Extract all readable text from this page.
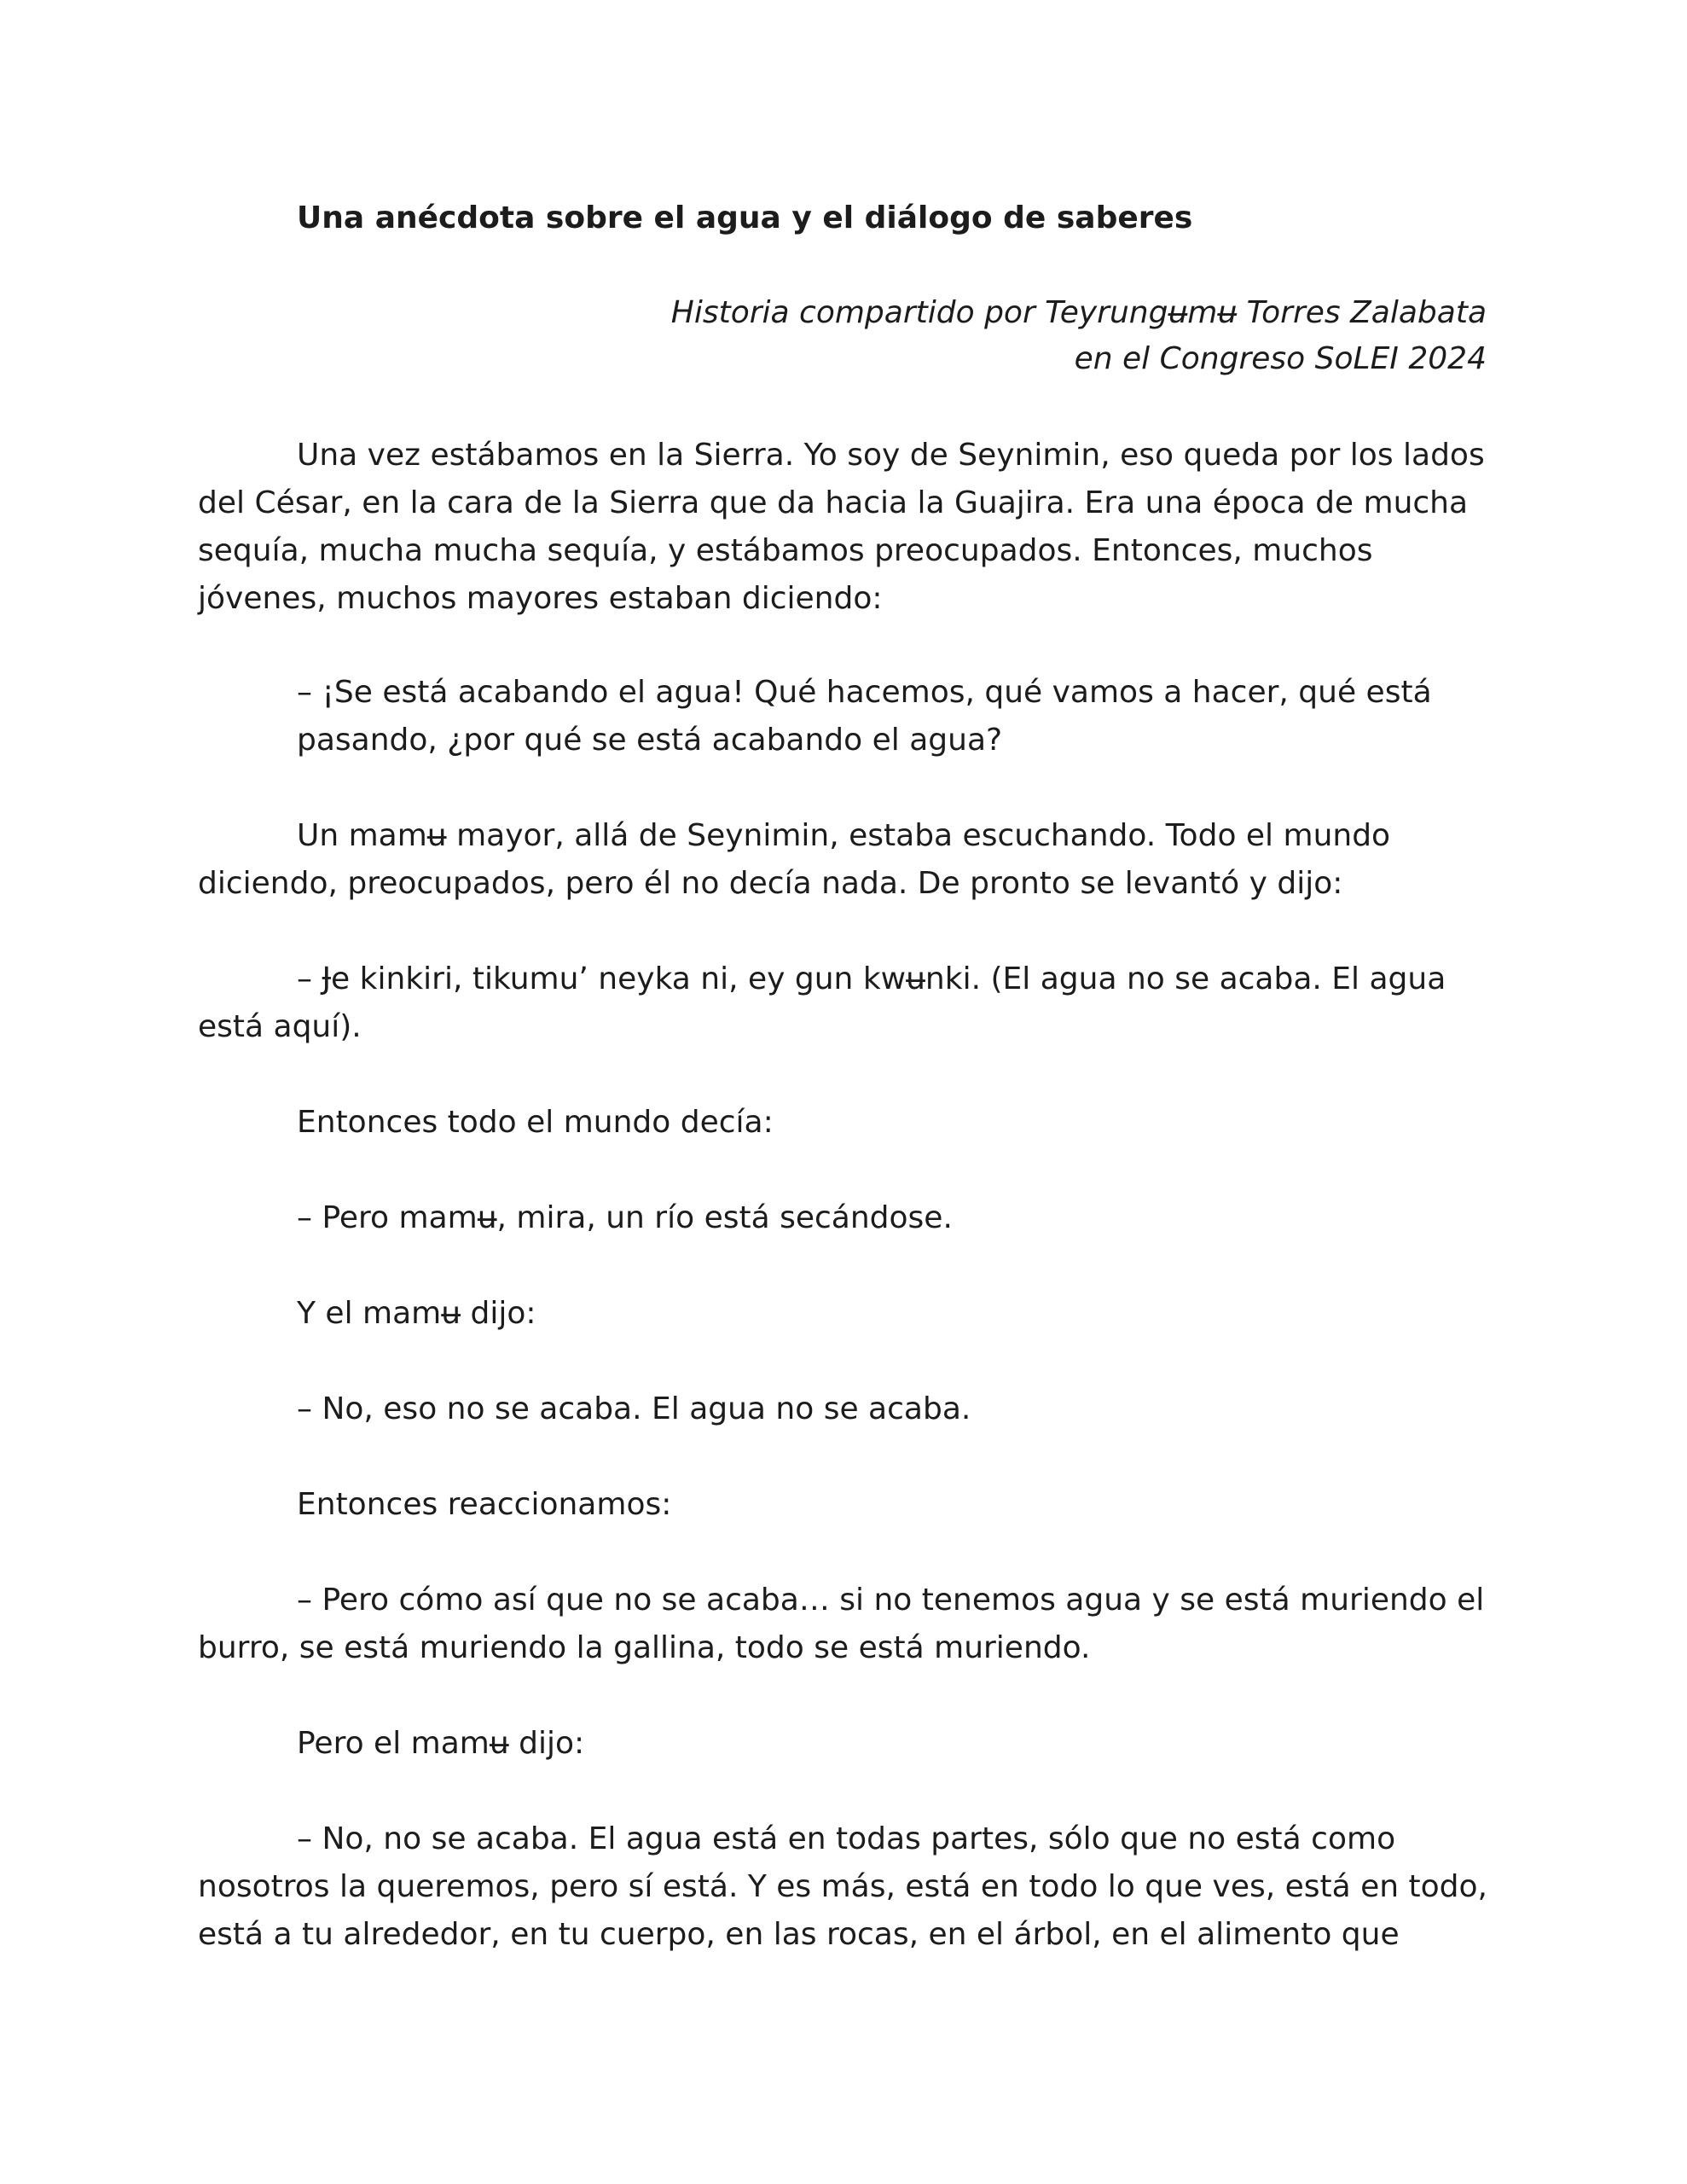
Una anécdota sobre el agua y el diálogo de saberes
Historia compartido por Teyrungʉmʉ Torres Zalabata
en el Congreso SoLEI 2024

Una vez estábamos en la Sierra. Yo soy de Seynimin, eso queda por los lados del César, en la cara de la Sierra que da hacia la Guajira. Era una época de mucha sequía, mucha mucha sequía, y estábamos preocupados. Entonces, muchos jóvenes, muchos mayores estaban diciendo:

– ¡Se está acabando el agua! Qué hacemos, qué vamos a hacer, qué está pasando, ¿por qué se está acabando el agua?

Un mamʉ mayor, allá de Seynimin, estaba escuchando. Todo el mundo diciendo, preocupados, pero él no decía nada. De pronto se levantó y dijo:

– Ɉe kinkiri, tikumu’ neyka ni, ey gun kwʉnki. (El agua no se acaba. El agua está aquí).

Entonces todo el mundo decía:

– Pero mamʉ, mira, un río está secándose.

Y el mamʉ dijo:

– No, eso no se acaba. El agua no se acaba.

Entonces reaccionamos:

– Pero cómo así que no se acaba… si no tenemos agua y se está muriendo el burro, se está muriendo la gallina, todo se está muriendo.

Pero el mamʉ dijo:

– No, no se acaba. El agua está en todas partes, sólo que no está como nosotros la queremos, pero sí está. Y es más, está en todo lo que ves, está en todo, está a tu alrededor, en tu cuerpo, en las rocas, en el árbol, en el alimento que
